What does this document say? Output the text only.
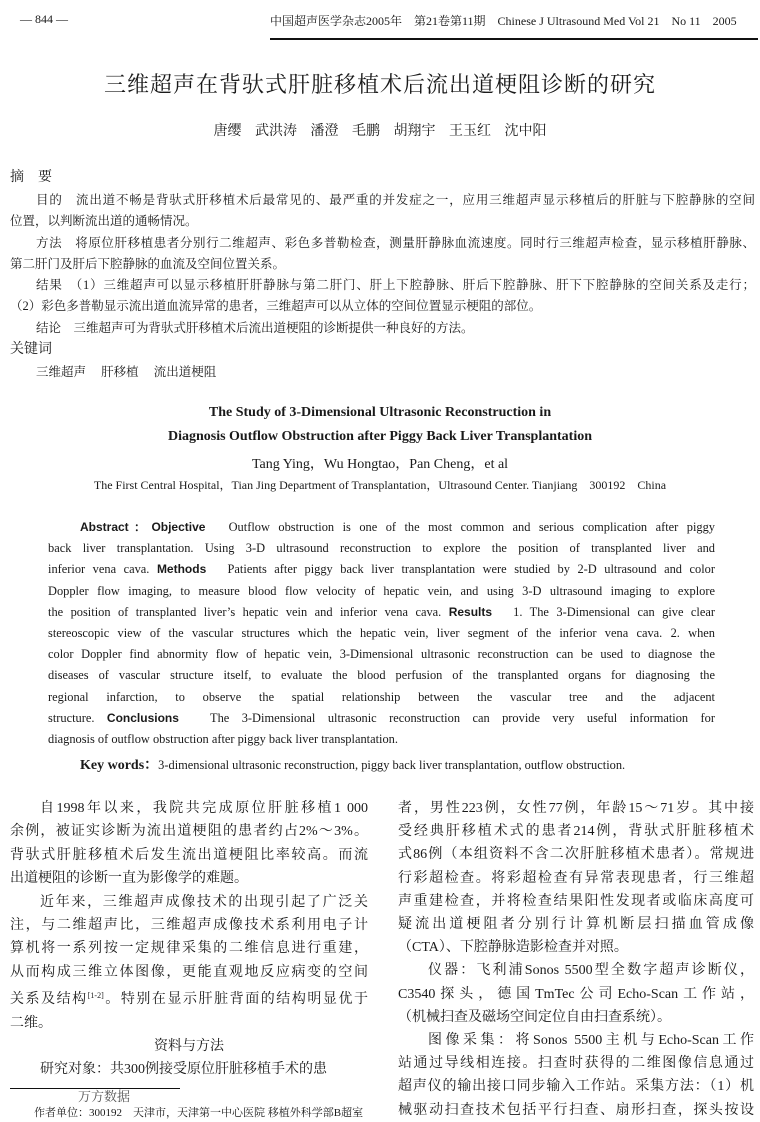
— 844 —	中国超声医学杂志2005年　第21卷第11期　Chinese J Ultrasound Med Vol 21　No 11　2005
三维超声在背驮式肝脏移植术后流出道梗阻诊断的研究
唐缨 武洪涛 潘澄 毛鹏 胡翔宇 王玉红 沈中阳
摘　要
目的　流出道不畅是背驮式肝移植术后最常见的、最严重的并发症之一，应用三维超声显示移植后的肝脏与下腔静脉的空间
位置，以判断流出道的通畅情况。
方法　将原位肝移植患者分别行二维超声、彩色多普勒检查，测量肝静脉血流速度。同时行三维超声检查，显示移植肝静脉、
第二肝门及肝后下腔静脉的血流及空间位置关系。
结果　（1）三维超声可以显示移植肝肝静脉与第二肝门、肝上下腔静脉、肝后下腔静脉、肝下下腔静脉的空间关系及走行；
（2）彩色多普勒显示流出道血流异常的患者，三维超声可以从立体的空间位置显示梗阻的部位。
结论　三维超声可为背驮式肝移植术后流出道梗阻的诊断提供一种良好的方法。
关键词
三维超声 肝移植 流出道梗阻
The Study of 3-Dimensional Ultrasonic Reconstruction in
Diagnosis Outflow Obstruction after Piggy Back Liver Transplantation
Tang Ying，Wu Hongtao，Pan Cheng，et al
The First Central Hospital，Tian Jing Department of Transplantation，Ultrasound Center. Tianjiang　300192　China
Abstract：Objective　Outflow obstruction is one of the most common and serious complication after piggy
back liver transplantation. Using 3-D ultrasound reconstruction to explore the position of transplanted liver and
inferior vena cava. Methods　Patients after piggy back liver transplantation were studied by 2-D ultrasound and color
Doppler flow imaging, to measure blood flow velocity of hepatic vein, and using 3-D ultrasound imaging to explore
the position of transplanted liver’s hepatic vein and inferior vena cava. Results　1. The 3-Dimensional can give clear
stereoscopic view of the vascular structures which the hepatic vein, liver segment of the inferior vena cava. 2. when
color Doppler find abnormity flow of hepatic vein, 3-Dimensional ultrasonic reconstruction can be used to diagnose the
diseases of vascular structure itself, to evaluate the blood perfusion of the transplanted organs for diagnosing the
regional infarction, to observe the spatial relationship between the vascular tree and the adjacent
structure. Conclusions　The 3-Dimensional ultrasonic reconstruction can provide very useful information for
diagnosis of outflow obstruction after piggy back liver transplantation.
Key words：3-dimensional ultrasonic reconstruction, piggy back liver transplantation, outflow obstruction.
自1998年以来，我院共完成原位肝脏移植1 000
余例，被证实诊断为流出道梗阻的患者约占2%～3%。
背驮式肝脏移植术后发生流出道梗阻比率较高。而流
出道梗阻的诊断一直为影像学的难题。
近年来，三维超声成像技术的出现引起了广泛关
注，与二维超声比，三维超声成像技术系利用电子计
算机将一系列按一定规律采集的二维信息进行重建，
从而构成三维立体图像，更能直观地反应病变的空间
关系及结构[1-2]。特别在显示肝脏背面的结构明显优于
二维。
资料与方法
研究对象：共300例接受原位肝脏移植手术的患
者，男性223例，女性77例，年龄15～71岁。其中接
受经典肝移植术式的患者214例，背驮式肝脏移植术
式86例（本组资料不含二次肝脏移植术患者）。常规进
行彩超检查。将彩超检查有异常表现患者，行三维超
声重建检查，并将检查结果阳性发现者或临床高度可
疑流出道梗阻者分别行计算机断层扫描血管成像
（CTA）、下腔静脉造影检查并对照。
仪器：飞利浦Sonos 5500型全数字超声诊断仪，
C3540探头，德国TmTec公司Echo-Scan工作站，
（机械扫查及磁场空间定位自由扫查系统）。
图像采集：将Sonos 5500主机与Echo-Scan工作
站通过导线相连接。扫查时获得的二维图像信息通过
超声仪的输出接口同步输入工作站。采集方法：（1）机
械驱动扫查技术包括平行扫查、扇形扫查，探头按设
万方数据
作者单位：300192　天津市，天津第一中心医院 移植外科学部B超室
